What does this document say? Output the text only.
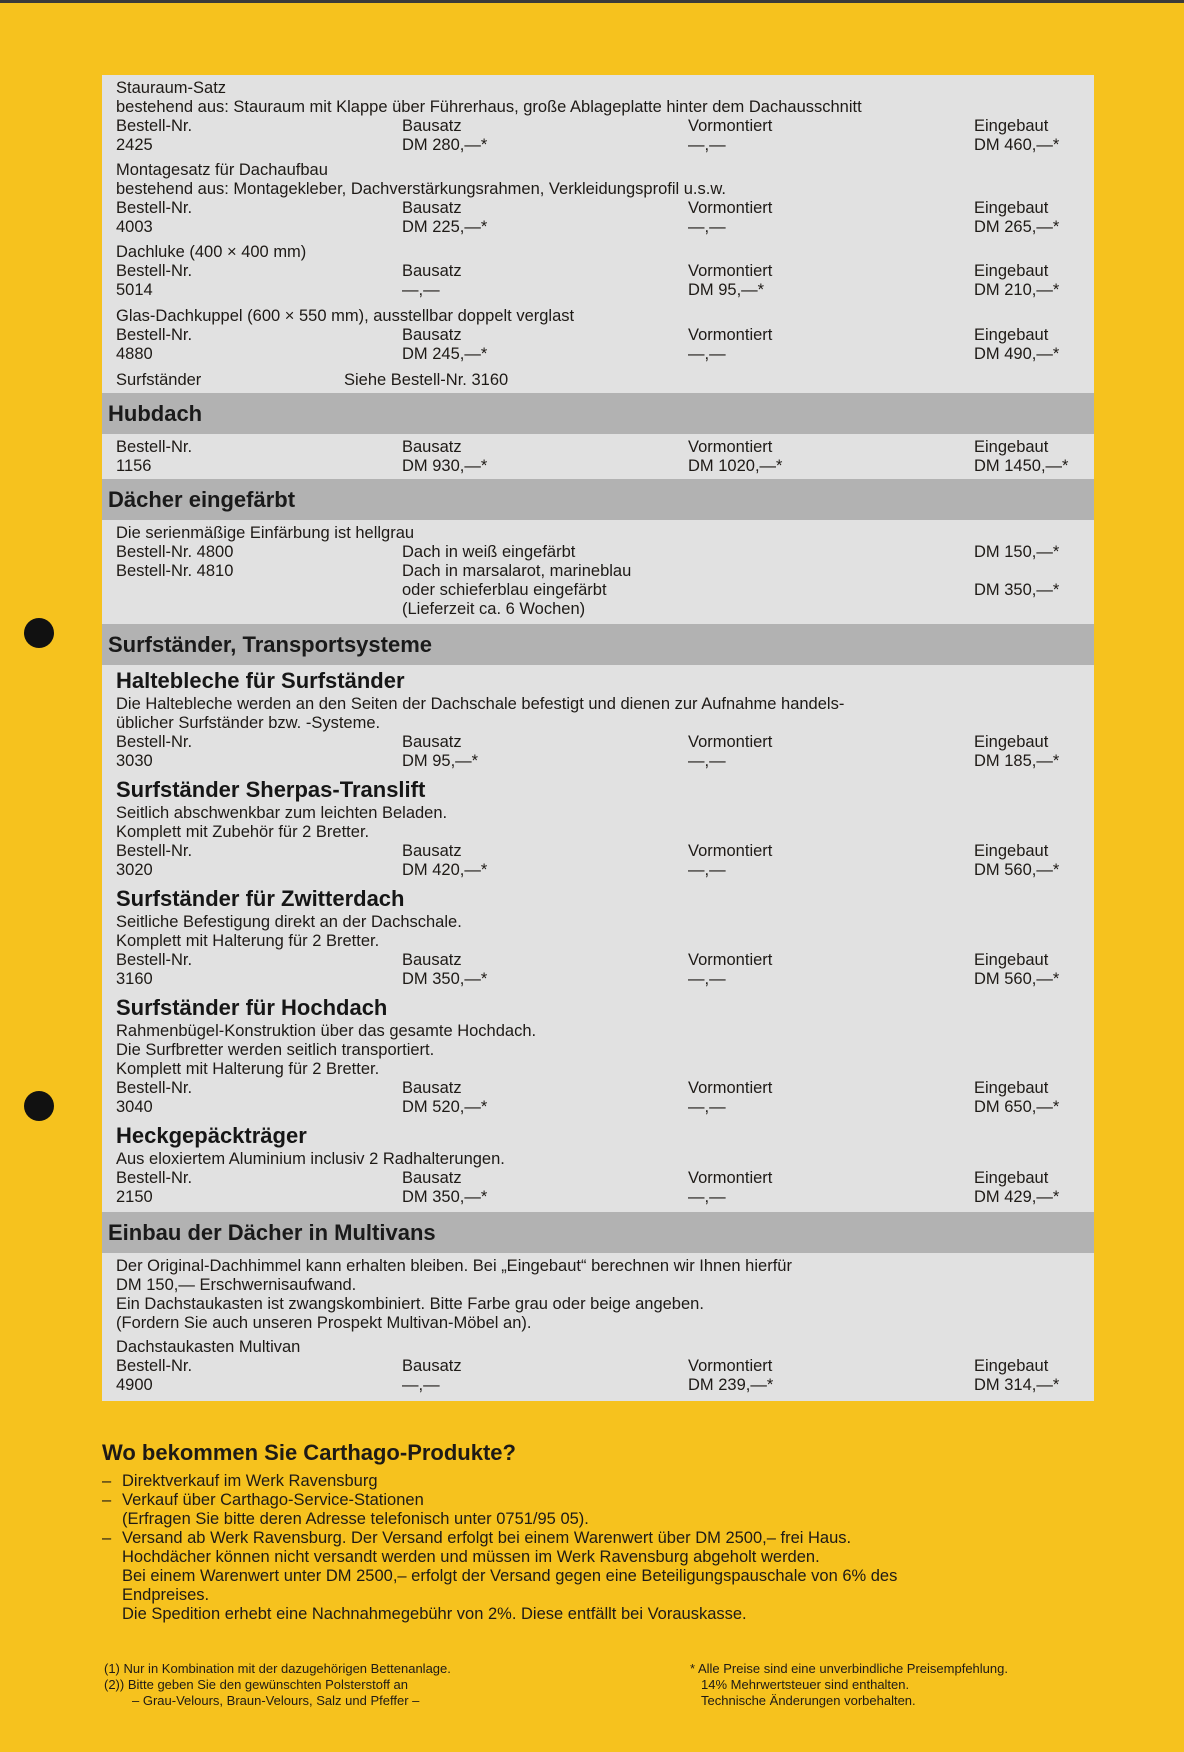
Stauraum-Satz
bestehend aus: Stauraum mit Klappe über Führerhaus, große Ablageplatte hinter dem Dachausschnitt
Bestell-Nr.	Bausatz	Vormontiert	Eingebaut
2425	DM 280,—*	—,—	DM 460,—*
Montagesatz für Dachaufbau
bestehend aus: Montagekleber, Dachverstärkungsrahmen, Verkleidungsprofil u.s.w.
Bestell-Nr.	Bausatz	Vormontiert	Eingebaut
4003	DM 225,—*	—,—	DM 265,—*
Dachluke (400 × 400 mm)
Bestell-Nr.	Bausatz	Vormontiert	Eingebaut
5014	—,—	DM 95,—*	DM 210,—*
Glas-Dachkuppel (600 × 550 mm), ausstellbar doppelt verglast
Bestell-Nr.	Bausatz	Vormontiert	Eingebaut
4880	DM 245,—*	—,—	DM 490,—*
Surfständer	Siehe Bestell-Nr. 3160
Hubdach
Bestell-Nr.	Bausatz	Vormontiert	Eingebaut
1156	DM 930,—*	DM 1020,—*	DM 1450,—*
Dächer eingefärbt
Die serienmäßige Einfärbung ist hellgrau
Bestell-Nr. 4800	Dach in weiß eingefärbt	DM 150,—*
Bestell-Nr. 4810	Dach in marsalarot, marineblau
oder schieferblau eingefärbt	DM 350,—*
(Lieferzeit ca. 6 Wochen)
Surfständer, Transportsysteme
Haltebleche für Surfständer
Die Haltebleche werden an den Seiten der Dachschale befestigt und dienen zur Aufnahme handels-
üblicher Surfständer bzw. -Systeme.
Bestell-Nr.	Bausatz	Vormontiert	Eingebaut
3030	DM 95,—*	—,—	DM 185,—*
Surfständer Sherpas-Translift
Seitlich abschwenkbar zum leichten Beladen.
Komplett mit Zubehör für 2 Bretter.
Bestell-Nr.	Bausatz	Vormontiert	Eingebaut
3020	DM 420,—*	—,—	DM 560,—*
Surfständer für Zwitterdach
Seitliche Befestigung direkt an der Dachschale.
Komplett mit Halterung für 2 Bretter.
Bestell-Nr.	Bausatz	Vormontiert	Eingebaut
3160	DM 350,—*	—,—	DM 560,—*
Surfständer für Hochdach
Rahmenbügel-Konstruktion über das gesamte Hochdach.
Die Surfbretter werden seitlich transportiert.
Komplett mit Halterung für 2 Bretter.
Bestell-Nr.	Bausatz	Vormontiert	Eingebaut
3040	DM 520,—*	—,—	DM 650,—*
Heckgepäckträger
Aus eloxiertem Aluminium inclusiv 2 Radhalterungen.
Bestell-Nr.	Bausatz	Vormontiert	Eingebaut
2150	DM 350,—*	—,—	DM 429,—*
Einbau der Dächer in Multivans
Der Original-Dachhimmel kann erhalten bleiben. Bei „Eingebaut“ berechnen wir Ihnen hierfür
DM 150,— Erschwernisaufwand.
Ein Dachstaukasten ist zwangskombiniert. Bitte Farbe grau oder beige angeben.
(Fordern Sie auch unseren Prospekt Multivan-Möbel an).
Dachstaukasten Multivan
Bestell-Nr.	Bausatz	Vormontiert	Eingebaut
4900	—,—	DM 239,—*	DM 314,—*
Wo bekommen Sie Carthago-Produkte?
– Direktverkauf im Werk Ravensburg
– Verkauf über Carthago-Service-Stationen
(Erfragen Sie bitte deren Adresse telefonisch unter 0751/95 05).
– Versand ab Werk Ravensburg. Der Versand erfolgt bei einem Warenwert über DM 2500,– frei Haus.
Hochdächer können nicht versandt werden und müssen im Werk Ravensburg abgeholt werden.
Bei einem Warenwert unter DM 2500,– erfolgt der Versand gegen eine Beteiligungspauschale von 6% des
Endpreises.
Die Spedition erhebt eine Nachnahmegebühr von 2%. Diese entfällt bei Vorauskasse.
(1) Nur in Kombination mit der dazugehörigen Bettenanlage.
(2)) Bitte geben Sie den gewünschten Polsterstoff an
– Grau-Velours, Braun-Velours, Salz und Pfeffer –
* Alle Preise sind eine unverbindliche Preisempfehlung.
14% Mehrwertsteuer sind enthalten.
Technische Änderungen vorbehalten.
